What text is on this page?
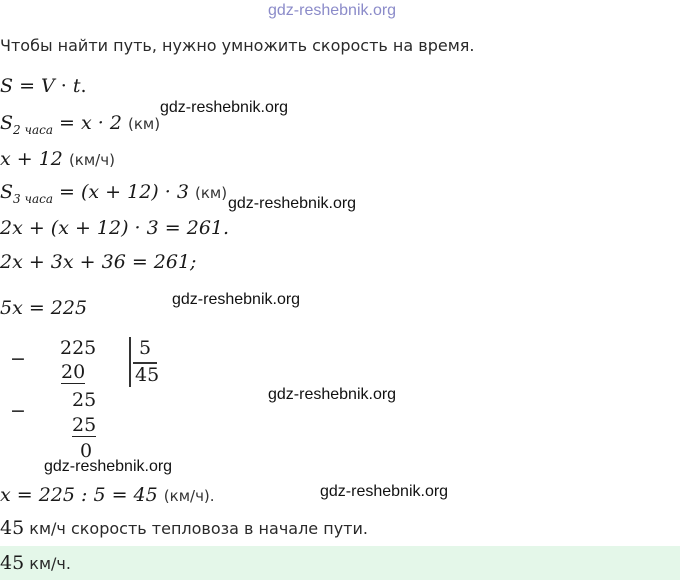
gdz-reshebnik.org
Чтобы найти путь, нужно умножить скорость на время.
S = V · t.
$S_{2 часа} = x \cdot 2$ (км)
gdz-reshebnik.org
x + 12 (км/ч)
$S_{3 часа} = (x + 12) \cdot 3$ (км)
gdz-reshebnik.org
2x + (x + 12) · 3 = 261.
2x + 3x + 36 = 261;
5x = 225	gdz-reshebnik.org
− 225
20
5
45
− 25
25
0
gdz-reshebnik.org
gdz-reshebnik.org
x = 225 : 5 = 45 (км/ч).	gdz-reshebnik.org
45 км/ч скорость тепловоза в начале пути.
45 км/ч.
